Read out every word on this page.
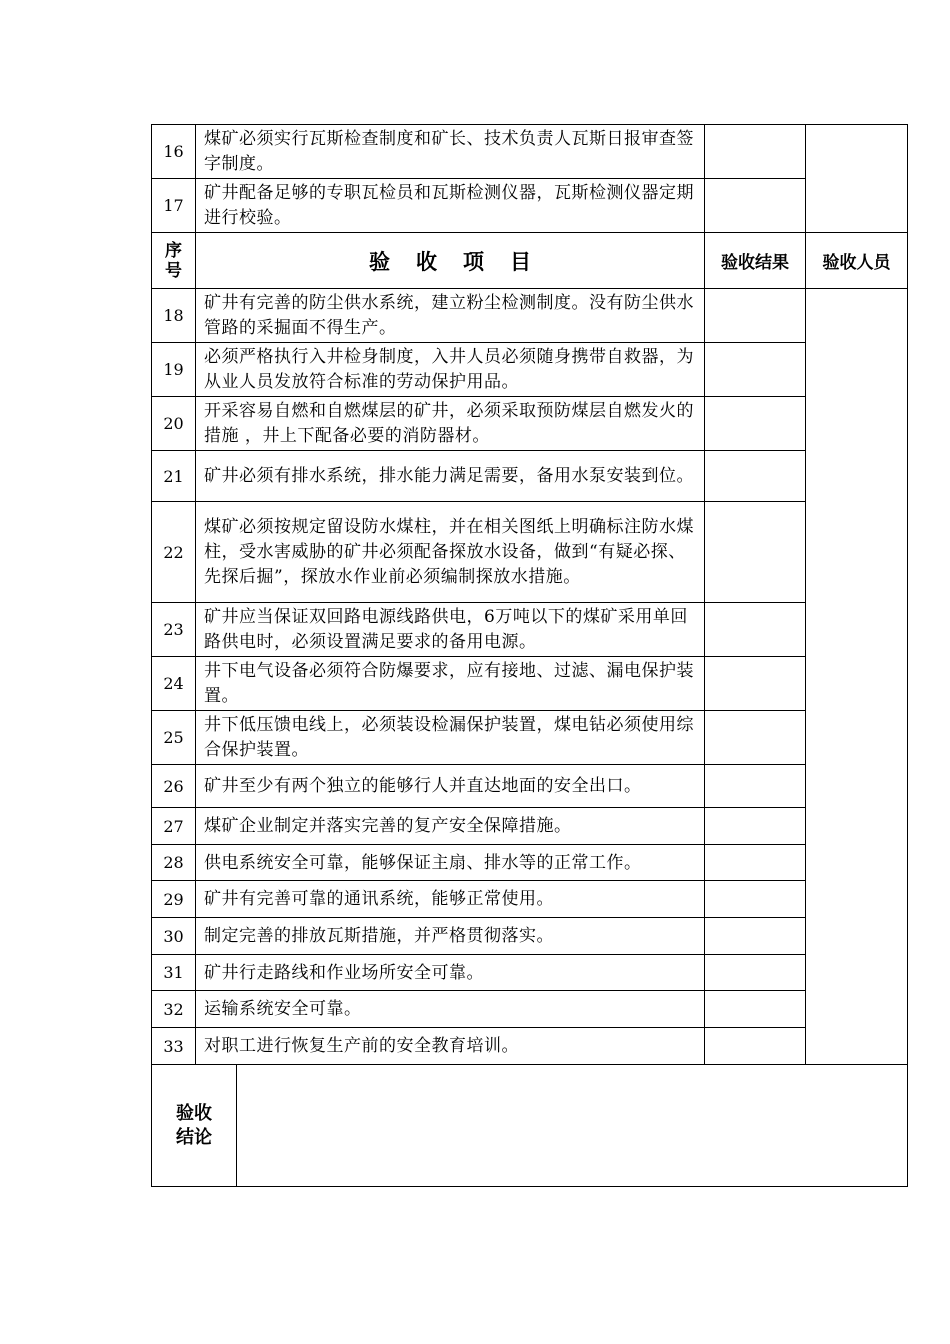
16	煤矿必须实行瓦斯检查制度和矿长、技术负责人瓦斯日报审查签字制度。		
17	矿井配备足够的专职瓦检员和瓦斯检测仪器，瓦斯检测仪器定期进行校验。		

序
号	验收项目	验收结果	验收人员
18	矿井有完善的防尘供水系统，建立粉尘检测制度。没有防尘供水管路的采掘面不得生产。		
19	必须严格执行入井检身制度，入井人员必须随身携带自救器，为从业人员发放符合标准的劳动保护用品。		
20	开采容易自燃和自燃煤层的矿井，必须采取预防煤层自燃发火的措施 ，井上下配备必要的消防器材。		
21	矿井必须有排水系统，排水能力满足需要，备用水泵安装到位。		
22	煤矿必须按规定留设防水煤柱，并在相关图纸上明确标注防水煤柱，受水害威胁的矿井必须配备探放水设备，做到“有疑必探、先探后掘”，探放水作业前必须编制探放水措施。		
23	矿井应当保证双回路电源线路供电，6万吨以下的煤矿采用单回路供电时，必须设置满足要求的备用电源。		
24	井下电气设备必须符合防爆要求，应有接地、过滤、漏电保护装置。		
25	井下低压馈电线上，必须装设检漏保护装置，煤电钻必须使用综合保护装置。		
26	矿井至少有两个独立的能够行人并直达地面的安全出口。		
27	煤矿企业制定并落实完善的复产安全保障措施。		
28	供电系统安全可靠，能够保证主扇、排水等的正常工作。		
29	矿井有完善可靠的通讯系统，能够正常使用。		
30	制定完善的排放瓦斯措施，并严格贯彻落实。		
31	矿井行走路线和作业场所安全可靠。		
32	运输系统安全可靠。		
33	对职工进行恢复生产前的安全教育培训。		
验收
结论
